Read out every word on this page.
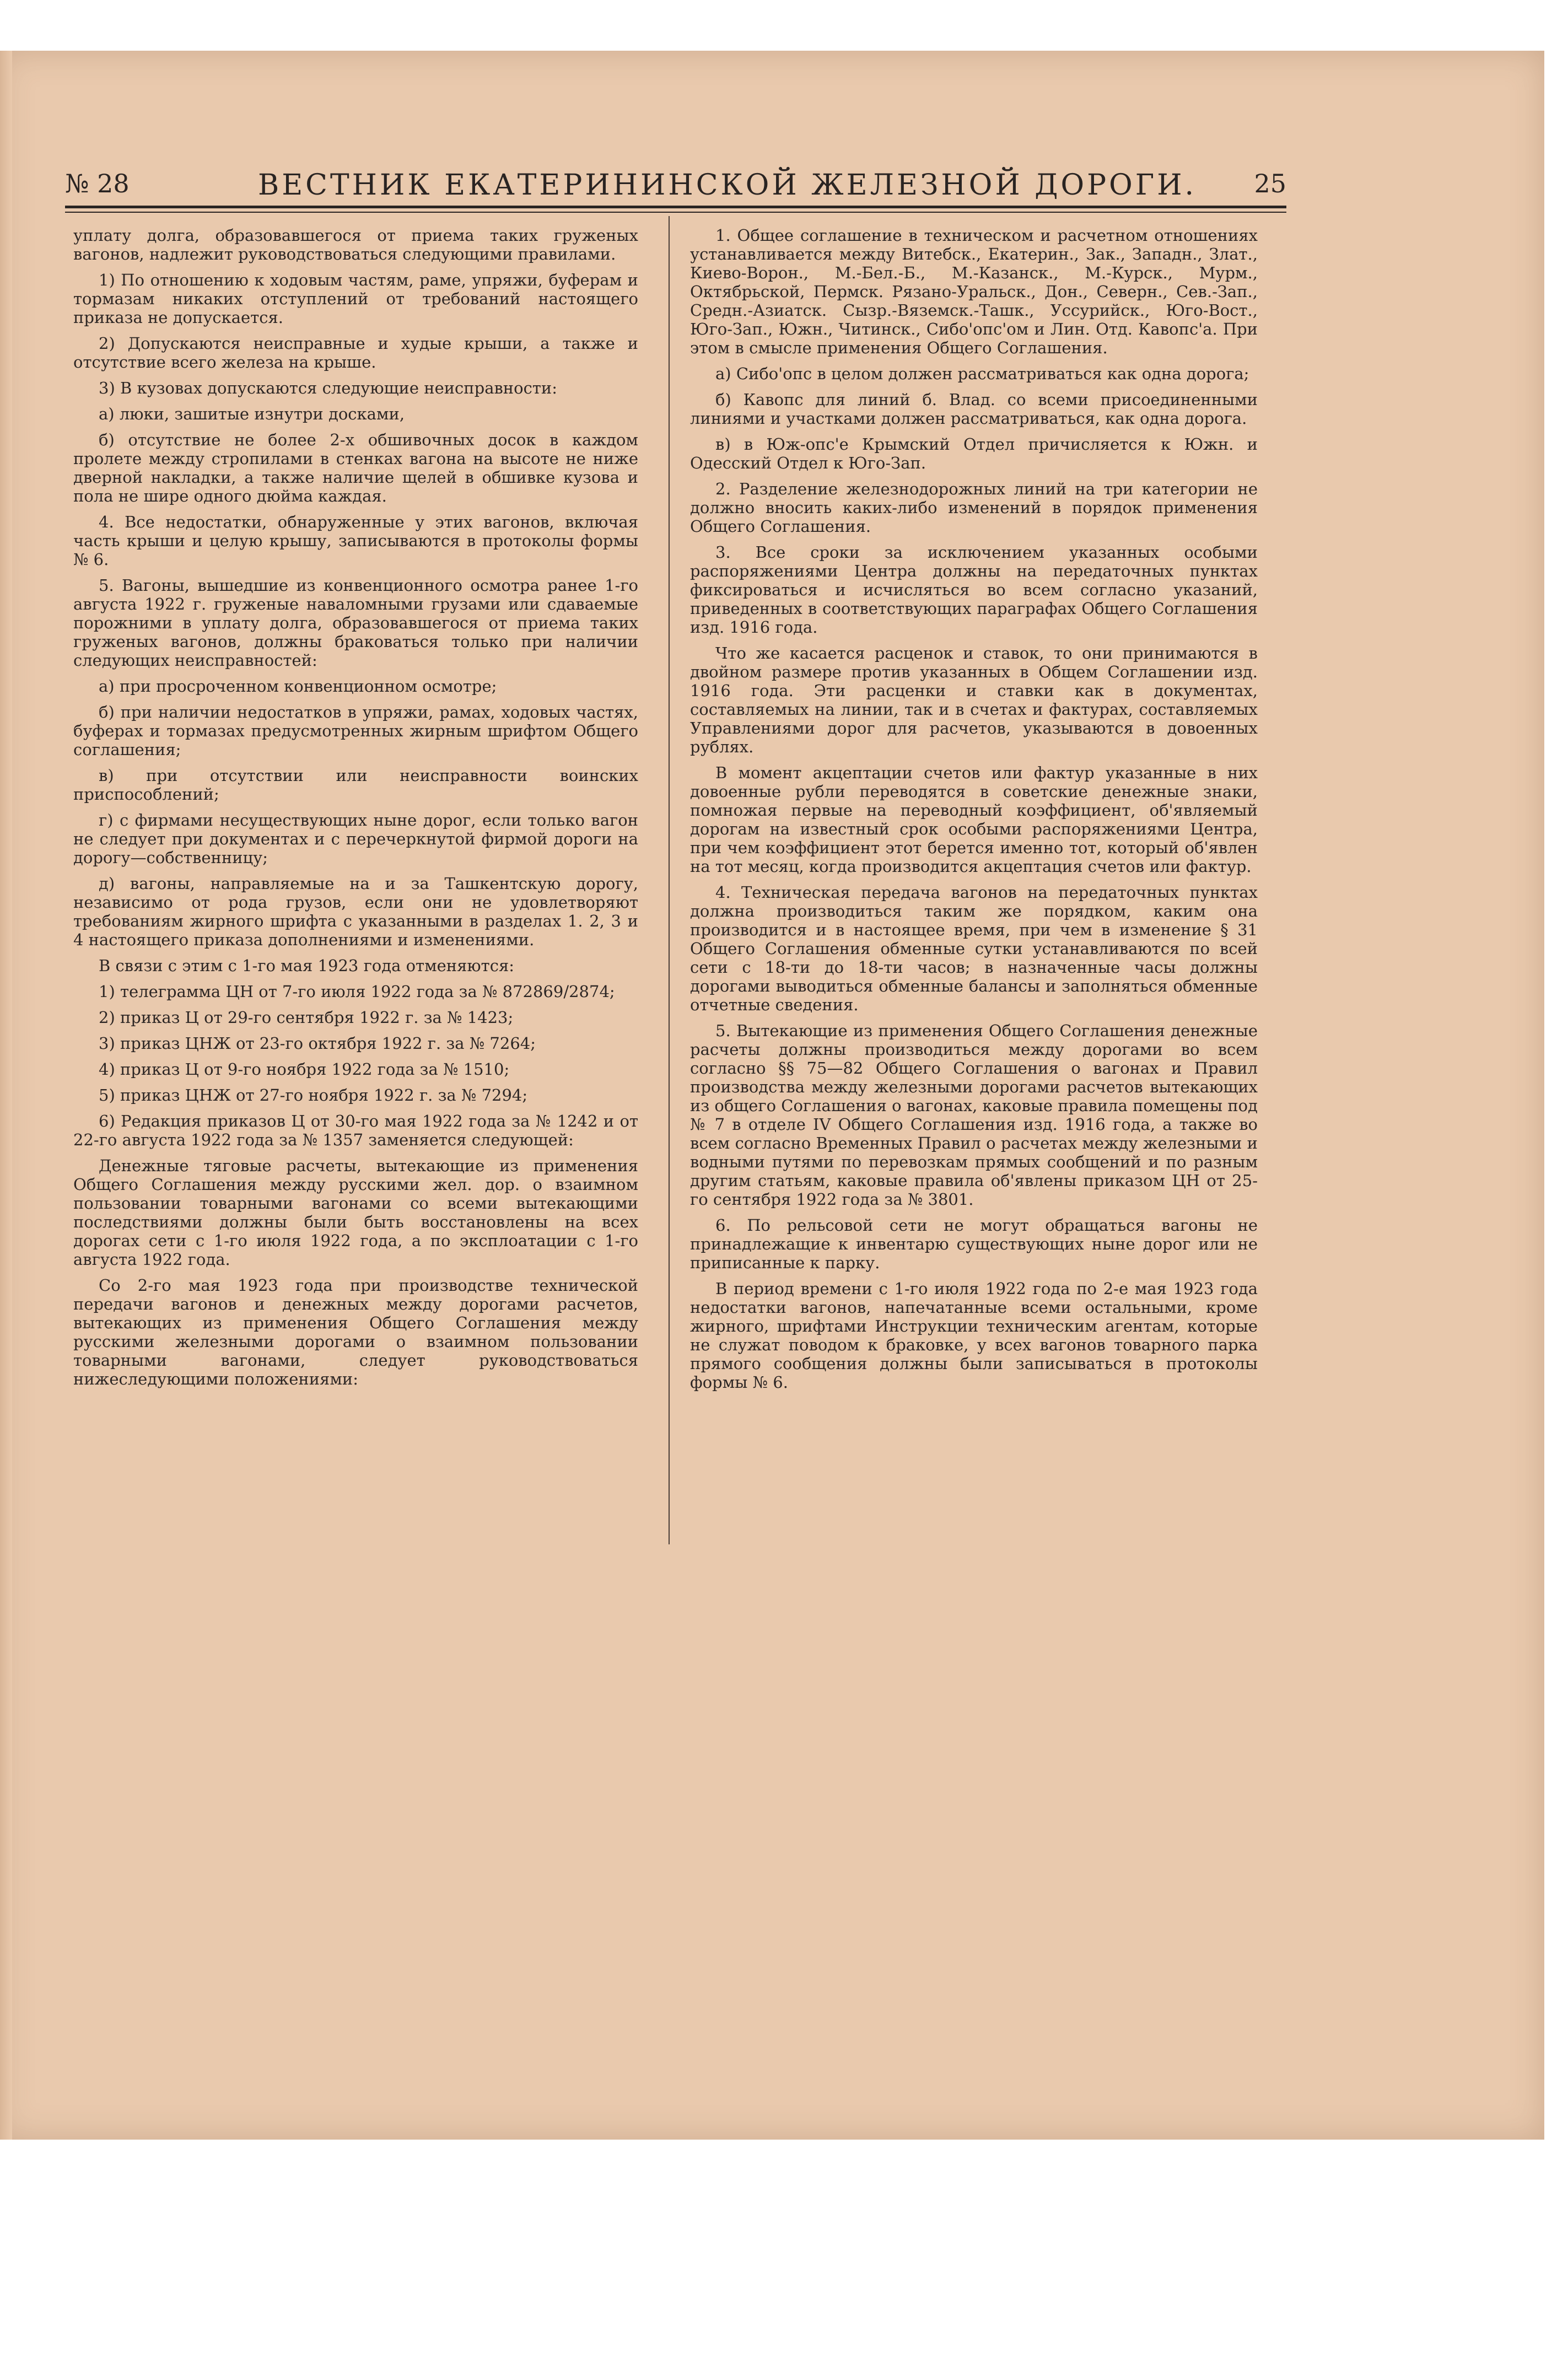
№ 28	ВЕСТНИК ЕКАТЕРИНИНСКОЙ ЖЕЛЕЗНОЙ ДОРОГИ. 25

уплату долга, образовавшегося от приема таких груженых вагонов, надлежит руководствоваться следующими правилами.

1) По отношению к ходовым частям, раме, упряжи, буферам и тормазам никаких отступлений от требований настоящего приказа не допускается.

2) Допускаются неисправные и худые крыши, а также и отсутствие всего железа на крыше.

3) В кузовах допускаются следующие неисправности:

а) люки, зашитые изнутри досками,

б) отсутствие не более 2-х обшивочных досок в каждом пролете между стропилами в стенках вагона на высоте не ниже дверной накладки, а также наличие щелей в обшивке кузова и пола не шире одного дюйма каждая.

4. Все недостатки, обнаруженные у этих вагонов, включая часть крыши и целую крышу, записываются в протоколы формы № 6.

5. Вагоны, вышедшие из конвенционного осмотра ранее 1-го августа 1922 г. груженые наваломными грузами или сдаваемые порожними в уплату долга, образовавшегося от приема таких груженых вагонов, должны браковаться только при наличии следующих неисправностей:

а) при просроченном конвенционном осмотре;

б) при наличии недостатков в упряжи, рамах, ходовых частях, буферах и тормазах предусмотренных жирным шрифтом Общего соглашения;

в) при отсутствии или неисправности воинских приспособлений;

г) с фирмами несуществующих ныне дорог, если только вагон не следует при документах и с перечеркнутой фирмой дороги на дорогу—собственницу;

д) вагоны, направляемые на и за Ташкентскую дорогу, независимо от рода грузов, если они не удовлетворяют требованиям жирного шрифта с указанными в разделах 1. 2, 3 и 4 настоящего приказа дополнениями и изменениями.

В связи с этим с 1-го мая 1923 года отменяются:

1) телеграмма ЦН от 7-го июля 1922 года за № 872869/2874;

2) приказ Ц от 29-го сентября 1922 г. за № 1423;

3) приказ ЦНЖ от 23-го октября 1922 г. за № 7264;

4) приказ Ц от 9-го ноября 1922 года за № 1510;

5) приказ ЦНЖ от 27-го ноября 1922 г. за № 7294;

6) Редакция приказов Ц от 30-го мая 1922 года за № 1242 и от 22-го августа 1922 года за № 1357 заменяется следующей:

Денежные тяговые расчеты, вытекающие из применения Общего Соглашения между русскими жел. дор. о взаимном пользовании товарными вагонами со всеми вытекающими последствиями должны были быть восстановлены на всех дорогах сети с 1-го июля 1922 года, а по эксплоатации с 1-го августа 1922 года.

Со 2-го мая 1923 года при производстве технической передачи вагонов и денежных между дорогами расчетов, вытекающих из применения Общего Соглашения между русскими железными дорогами о взаимном пользовании товарными вагонами, следует руководствоваться нижеследующими положениями:

1. Общее соглашение в техническом и расчетном отношениях устанавливается между Витебск., Екатерин., Зак., Западн., Злат., Киево-Ворон., М.-Бел.-Б., М.-Казанск., М.-Курск., Мурм., Октябрьской, Пермск. Рязано-Уральск., Дон., Северн., Сев.-Зап., Средн.-Азиатск. Сызр.-Вяземск.-Ташк., Уссурийск., Юго-Вост., Юго-Зап., Южн., Читинск., Сибо'опс'ом и Лин. Отд. Кавопс'а. При этом в смысле применения Общего Соглашения.

а) Сибо'опс в целом должен рассматриваться как одна дорога;

б) Кавопс для линий б. Влад. со всеми присоединенными линиями и участками должен рассматриваться, как одна дорога.

в) в Юж-опс'е Крымский Отдел причисляется к Южн. и Одесский Отдел к Юго-Зап.

2. Разделение железнодорожных линий на три категории не должно вносить каких-либо изменений в порядок применения Общего Соглашения.

3. Все сроки за исключением указанных особыми распоряжениями Центра должны на передаточных пунктах фиксироваться и исчисляться во всем согласно указаний, приведенных в соответствующих параграфах Общего Соглашения изд. 1916 года.

Что же касается расценок и ставок, то они принимаются в двойном размере против указанных в Общем Соглашении изд. 1916 года. Эти расценки и ставки как в документах, составляемых на линии, так и в счетах и фактурах, составляемых Управлениями дорог для расчетов, указываются в довоенных рублях.

В момент акцептации счетов или фактур указанные в них довоенные рубли переводятся в советские денежные знаки, помножая первые на переводный коэффициент, об'являемый дорогам на известный срок особыми распоряжениями Центра, при чем коэффициент этот берется именно тот, который об'явлен на тот месяц, когда производится акцептация счетов или фактур.

4. Техническая передача вагонов на передаточных пунктах должна производиться таким же порядком, каким она производится и в настоящее время, при чем в изменение § 31 Общего Соглашения обменные сутки устанавливаются по всей сети с 18-ти до 18-ти часов; в назначенные часы должны дорогами выводиться обменные балансы и заполняться обменные отчетные сведения.

5. Вытекающие из применения Общего Соглашения денежные расчеты должны производиться между дорогами во всем согласно §§ 75—82 Общего Соглашения о вагонах и Правил производства между железными дорогами расчетов вытекающих из общего Соглашения о вагонах, каковые правила помещены под № 7 в отделе IV Общего Соглашения изд. 1916 года, а также во всем согласно Временных Правил о расчетах между железными и водными путями по перевозкам прямых сообщений и по разным другим статьям, каковые правила об'явлены приказом ЦН от 25-го сентября 1922 года за № 3801.

6. По рельсовой сети не могут обращаться вагоны не принадлежащие к инвентарю существующих ныне дорог или не приписанные к парку.

В период времени с 1-го июля 1922 года по 2-е мая 1923 года недостатки вагонов, напечатанные всеми остальными, кроме жирного, шрифтами Инструкции техническим агентам, которые не служат поводом к браковке, у всех вагонов товарного парка прямого сообщения должны были записываться в протоколы формы № 6.
